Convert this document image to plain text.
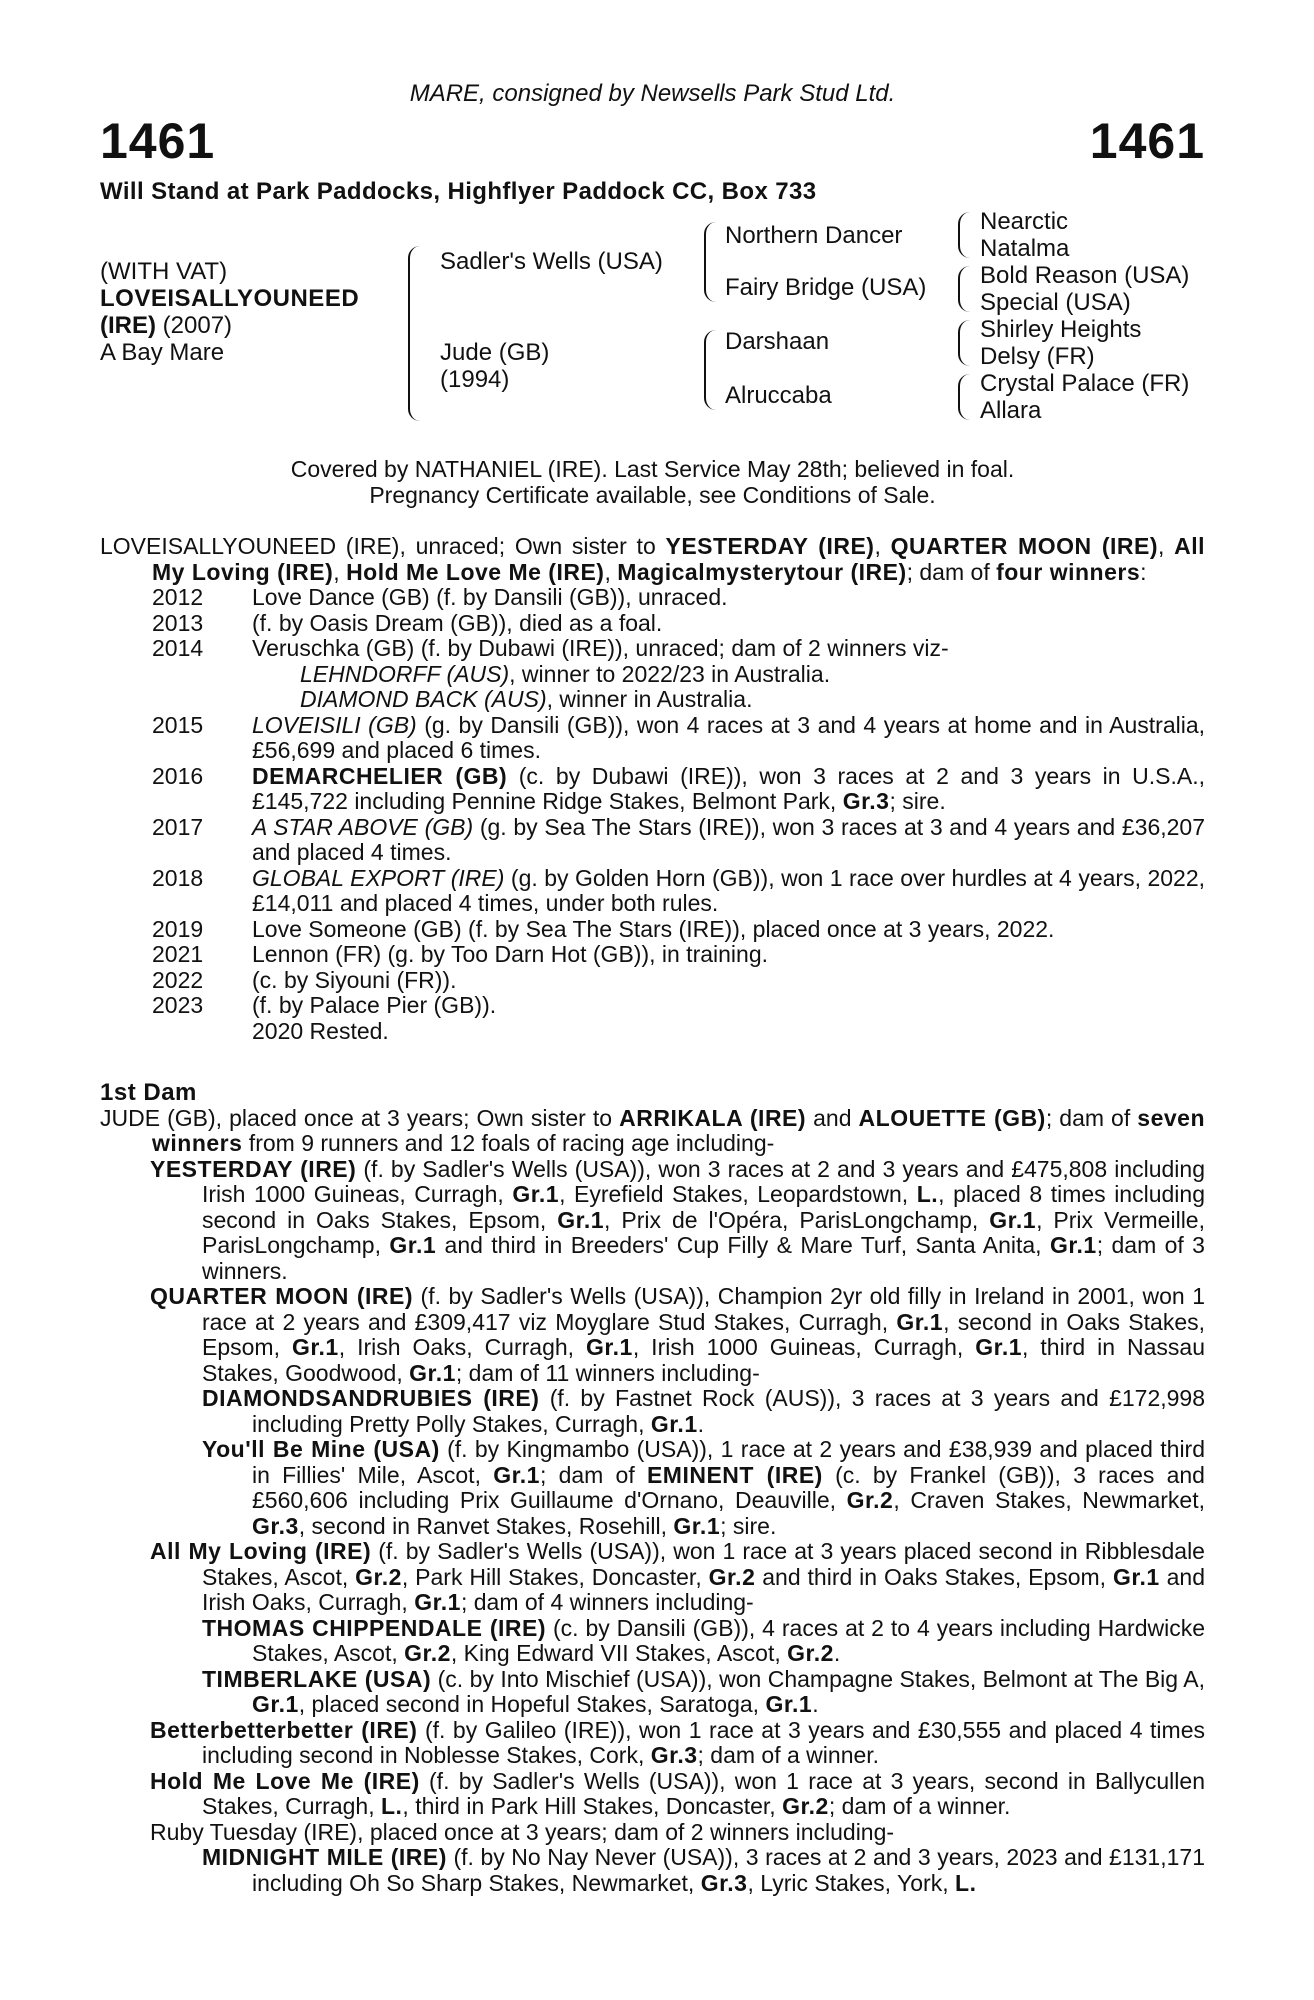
MARE, consigned by Newsells Park Stud Ltd.
1461	1461
Will Stand at Park Paddocks, Highflyer Paddock CC, Box 733
(WITH VAT)
LOVEISALLYOUNEED
(IRE) (2007)
A Bay Mare
Sadler's Wells (USA)
Jude (GB)
(1994)
Northern Dancer
Fairy Bridge (USA)
Darshaan
Alruccaba
Nearctic
Natalma
Bold Reason (USA)
Special (USA)
Shirley Heights
Delsy (FR)
Crystal Palace (FR)
Allara
Covered by NATHANIEL (IRE). Last Service May 28th; believed in foal.
Pregnancy Certificate available, see Conditions of Sale.
LOVEISALLYOUNEED (IRE), unraced; Own sister to YESTERDAY (IRE), QUARTER MOON (IRE), All My Loving (IRE), Hold Me Love Me (IRE), Magicalmysterytour (IRE); dam of four winners:
2012	Love Dance (GB) (f. by Dansili (GB)), unraced.
2013	(f. by Oasis Dream (GB)), died as a foal.
2014	Veruschka (GB) (f. by Dubawi (IRE)), unraced; dam of 2 winners viz-
LEHNDORFF (AUS), winner to 2022/23 in Australia.
DIAMOND BACK (AUS), winner in Australia.
2015	LOVEISILI (GB) (g. by Dansili (GB)), won 4 races at 3 and 4 years at home and in Australia, £56,699 and placed 6 times.
2016	DEMARCHELIER (GB) (c. by Dubawi (IRE)), won 3 races at 2 and 3 years in U.S.A., £145,722 including Pennine Ridge Stakes, Belmont Park, Gr.3; sire.
2017	A STAR ABOVE (GB) (g. by Sea The Stars (IRE)), won 3 races at 3 and 4 years and £36,207 and placed 4 times.
2018	GLOBAL EXPORT (IRE) (g. by Golden Horn (GB)), won 1 race over hurdles at 4 years, 2022, £14,011 and placed 4 times, under both rules.
2019	Love Someone (GB) (f. by Sea The Stars (IRE)), placed once at 3 years, 2022.
2021	Lennon (FR) (g. by Too Darn Hot (GB)), in training.
2022	(c. by Siyouni (FR)).
2023	(f. by Palace Pier (GB)).
2020 Rested.
1st Dam
JUDE (GB), placed once at 3 years; Own sister to ARRIKALA (IRE) and ALOUETTE (GB); dam of seven winners from 9 runners and 12 foals of racing age including-
YESTERDAY (IRE) (f. by Sadler's Wells (USA)), won 3 races at 2 and 3 years and £475,808 including Irish 1000 Guineas, Curragh, Gr.1, Eyrefield Stakes, Leopardstown, L., placed 8 times including second in Oaks Stakes, Epsom, Gr.1, Prix de l'Opéra, ParisLongchamp, Gr.1, Prix Vermeille, ParisLongchamp, Gr.1 and third in Breeders' Cup Filly & Mare Turf, Santa Anita, Gr.1; dam of 3 winners.
QUARTER MOON (IRE) (f. by Sadler's Wells (USA)), Champion 2yr old filly in Ireland in 2001, won 1 race at 2 years and £309,417 viz Moyglare Stud Stakes, Curragh, Gr.1, second in Oaks Stakes, Epsom, Gr.1, Irish Oaks, Curragh, Gr.1, Irish 1000 Guineas, Curragh, Gr.1, third in Nassau Stakes, Goodwood, Gr.1; dam of 11 winners including-
DIAMONDSANDRUBIES (IRE) (f. by Fastnet Rock (AUS)), 3 races at 3 years and £172,998 including Pretty Polly Stakes, Curragh, Gr.1.
You'll Be Mine (USA) (f. by Kingmambo (USA)), 1 race at 2 years and £38,939 and placed third in Fillies' Mile, Ascot, Gr.1; dam of EMINENT (IRE) (c. by Frankel (GB)), 3 races and £560,606 including Prix Guillaume d'Ornano, Deauville, Gr.2, Craven Stakes, Newmarket, Gr.3, second in Ranvet Stakes, Rosehill, Gr.1; sire.
All My Loving (IRE) (f. by Sadler's Wells (USA)), won 1 race at 3 years placed second in Ribblesdale Stakes, Ascot, Gr.2, Park Hill Stakes, Doncaster, Gr.2 and third in Oaks Stakes, Epsom, Gr.1 and Irish Oaks, Curragh, Gr.1; dam of 4 winners including-
THOMAS CHIPPENDALE (IRE) (c. by Dansili (GB)), 4 races at 2 to 4 years including Hardwicke Stakes, Ascot, Gr.2, King Edward VII Stakes, Ascot, Gr.2.
TIMBERLAKE (USA) (c. by Into Mischief (USA)), won Champagne Stakes, Belmont at The Big A, Gr.1, placed second in Hopeful Stakes, Saratoga, Gr.1.
Betterbetterbetter (IRE) (f. by Galileo (IRE)), won 1 race at 3 years and £30,555 and placed 4 times including second in Noblesse Stakes, Cork, Gr.3; dam of a winner.
Hold Me Love Me (IRE) (f. by Sadler's Wells (USA)), won 1 race at 3 years, second in Ballycullen Stakes, Curragh, L., third in Park Hill Stakes, Doncaster, Gr.2; dam of a winner.
Ruby Tuesday (IRE), placed once at 3 years; dam of 2 winners including-
MIDNIGHT MILE (IRE) (f. by No Nay Never (USA)), 3 races at 2 and 3 years, 2023 and £131,171 including Oh So Sharp Stakes, Newmarket, Gr.3, Lyric Stakes, York, L.
